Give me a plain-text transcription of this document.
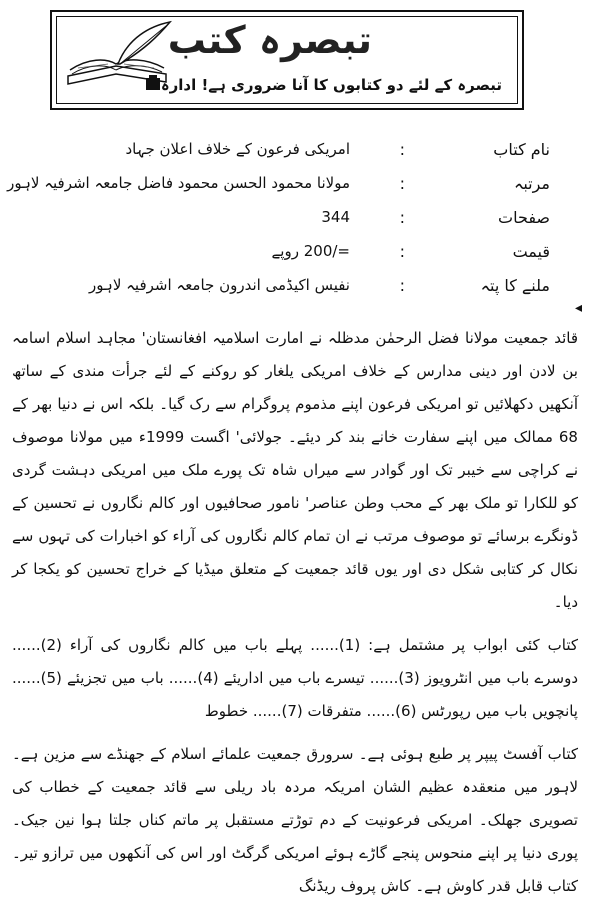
تبصرہ کتب
تبصرہ کے لئے دو کتابوں کا آنا ضروری ہے! ادارہ
◂
نام کتاب
:
امریکی فرعون کے خلاف اعلان جہاد
مرتبہ
:
مولانا محمود الحسن محمود فاضل جامعہ اشرفیہ لاہور
صفحات
:
344
قیمت
:
=/200 روپے
ملنے کا پتہ
:
نفیس اکیڈمی اندرون جامعہ اشرفیہ لاہور

قائد جمعیت مولانا فضل الرحمٰن مدظلہ نے امارت اسلامیہ افغانستان' مجاہد اسلام اسامہ بن لادن اور دینی مدارس کے خلاف امریکی یلغار کو روکنے کے لئے جرأت مندی کے ساتھ آنکھیں دکھلائیں تو امریکی فرعون اپنے مذموم پروگرام سے رک گیا۔ بلکہ اس نے دنیا بھر کے 68 ممالک میں اپنے سفارت خانے بند کر دیئے۔ جولائی' اگست 1999ء میں مولانا موصوف نے کراچی سے خیبر تک اور گوادر سے میراں شاہ تک پورے ملک میں امریکی دہشت گردی کو للکارا تو ملک بھر کے محب وطن عناصر' نامور صحافیوں اور کالم نگاروں نے تحسین کے ڈونگرے برسائے تو موصوف مرتب نے ان تمام کالم نگاروں کی آراء کو اخبارات کی تہوں سے نکال کر کتابی شکل دی اور یوں قائد جمعیت کے متعلق میڈیا کے خراج تحسین کو یکجا کر دیا۔

کتاب کئی ابواب پر مشتمل ہے: (1)...... پہلے باب میں کالم نگاروں کی آراء (2)...... دوسرے باب میں انٹرویوز (3)...... تیسرے باب میں اداریئے (4)...... باب میں تجزیئے (5)...... پانچویں باب میں رپورٹس (6)...... متفرقات (7)...... خطوط

کتاب آفسٹ پیپر پر طبع ہوئی ہے۔ سرورق جمعیت علمائے اسلام کے جھنڈے سے مزین ہے۔ لاہور میں منعقدہ عظیم الشان امریکہ مردہ باد ریلی سے قائد جمعیت کے خطاب کی تصویری جھلک۔ امریکی فرعونیت کے دم توڑتے مستقبل پر ماتم کناں جلتا ہوا نین جیک۔ پوری دنیا پر اپنے منحوس پنجے گاڑے ہوئے امریکی گرگٹ اور اس کی آنکھوں میں ترازو تیر۔ کتاب قابل قدر کاوش ہے۔ کاش پروف ریڈنگ
